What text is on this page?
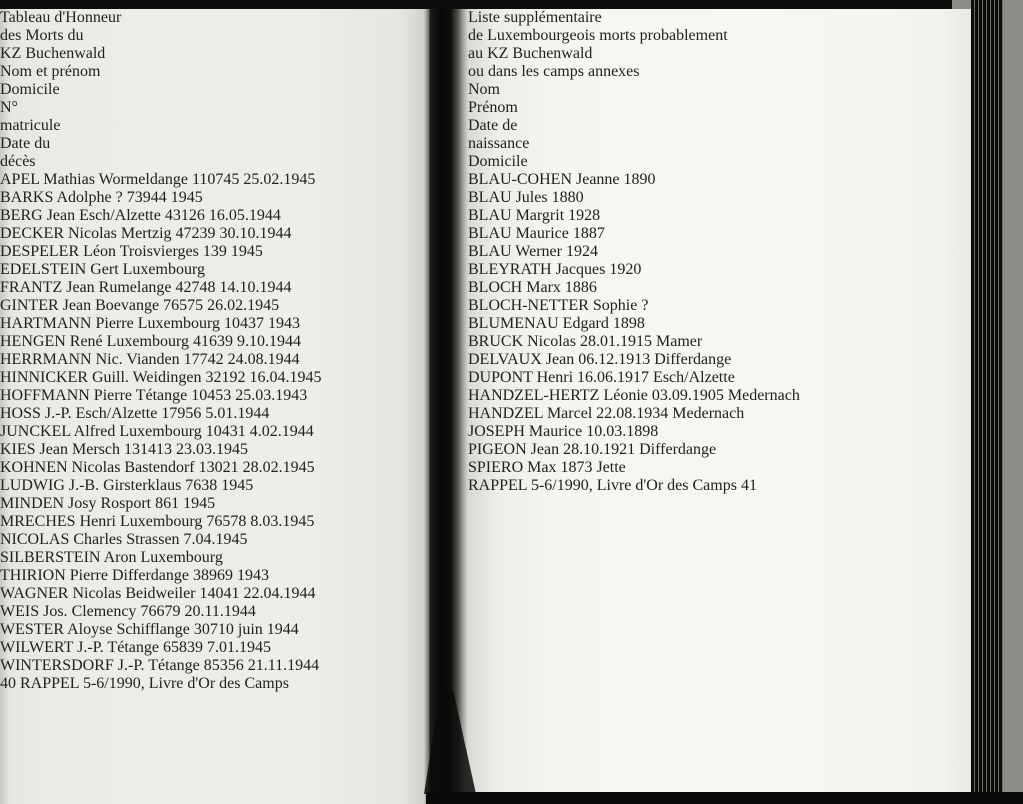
Tableau d'Honneur
des Morts du
KZ Buchenwald
Nom et prénom
Domicile
N°
matricule
Date du
décès
APEL Mathias Wormeldange 110745 25.02.1945
BARKS Adolphe ? 73944 1945
BERG Jean Esch/Alzette 43126 16.05.1944
DECKER Nicolas Mertzig 47239 30.10.1944
DESPELER Léon Troisvierges 139 1945
EDELSTEIN Gert Luxembourg
FRANTZ Jean Rumelange 42748 14.10.1944
GINTER Jean Boevange 76575 26.02.1945
HARTMANN Pierre Luxembourg 10437 1943
HENGEN René Luxembourg 41639 9.10.1944
HERRMANN Nic. Vianden 17742 24.08.1944
HINNICKER Guill. Weidingen 32192 16.04.1945
HOFFMANN Pierre Tétange 10453 25.03.1943
HOSS J.-P. Esch/Alzette 17956 5.01.1944
JUNCKEL Alfred Luxembourg 10431 4.02.1944
KIES Jean Mersch 131413 23.03.1945
KOHNEN Nicolas Bastendorf 13021 28.02.1945
LUDWIG J.-B. Girsterklaus 7638 1945
MINDEN Josy Rosport 861 1945
MRECHES Henri Luxembourg 76578 8.03.1945
NICOLAS Charles Strassen 7.04.1945
SILBERSTEIN Aron Luxembourg
THIRION Pierre Differdange 38969 1943
WAGNER Nicolas Beidweiler 14041 22.04.1944
WEIS Jos. Clemency 76679 20.11.1944
WESTER Aloyse Schifflange 30710 juin 1944
WILWERT J.-P. Tétange 65839 7.01.1945
WINTERSDORF J.-P. Tétange 85356 21.11.1944
40 RAPPEL 5-6/1990, Livre d'Or des Camps
Liste supplémentaire
de Luxembourgeois morts probablement
au KZ Buchenwald
ou dans les camps annexes
Nom
Prénom
Date de
naissance
Domicile
BLAU-COHEN Jeanne 1890
BLAU Jules 1880
BLAU Margrit 1928
BLAU Maurice 1887
BLAU Werner 1924
BLEYRATH Jacques 1920
BLOCH Marx 1886
BLOCH-NETTER Sophie ?
BLUMENAU Edgard 1898
BRUCK Nicolas 28.01.1915 Mamer
DELVAUX Jean 06.12.1913 Differdange
DUPONT Henri 16.06.1917 Esch/Alzette
HANDZEL-HERTZ Léonie 03.09.1905 Medernach
HANDZEL Marcel 22.08.1934 Medernach
JOSEPH Maurice 10.03.1898
PIGEON Jean 28.10.1921 Differdange
SPIERO Max 1873 Jette
RAPPEL 5-6/1990, Livre d'Or des Camps 41
